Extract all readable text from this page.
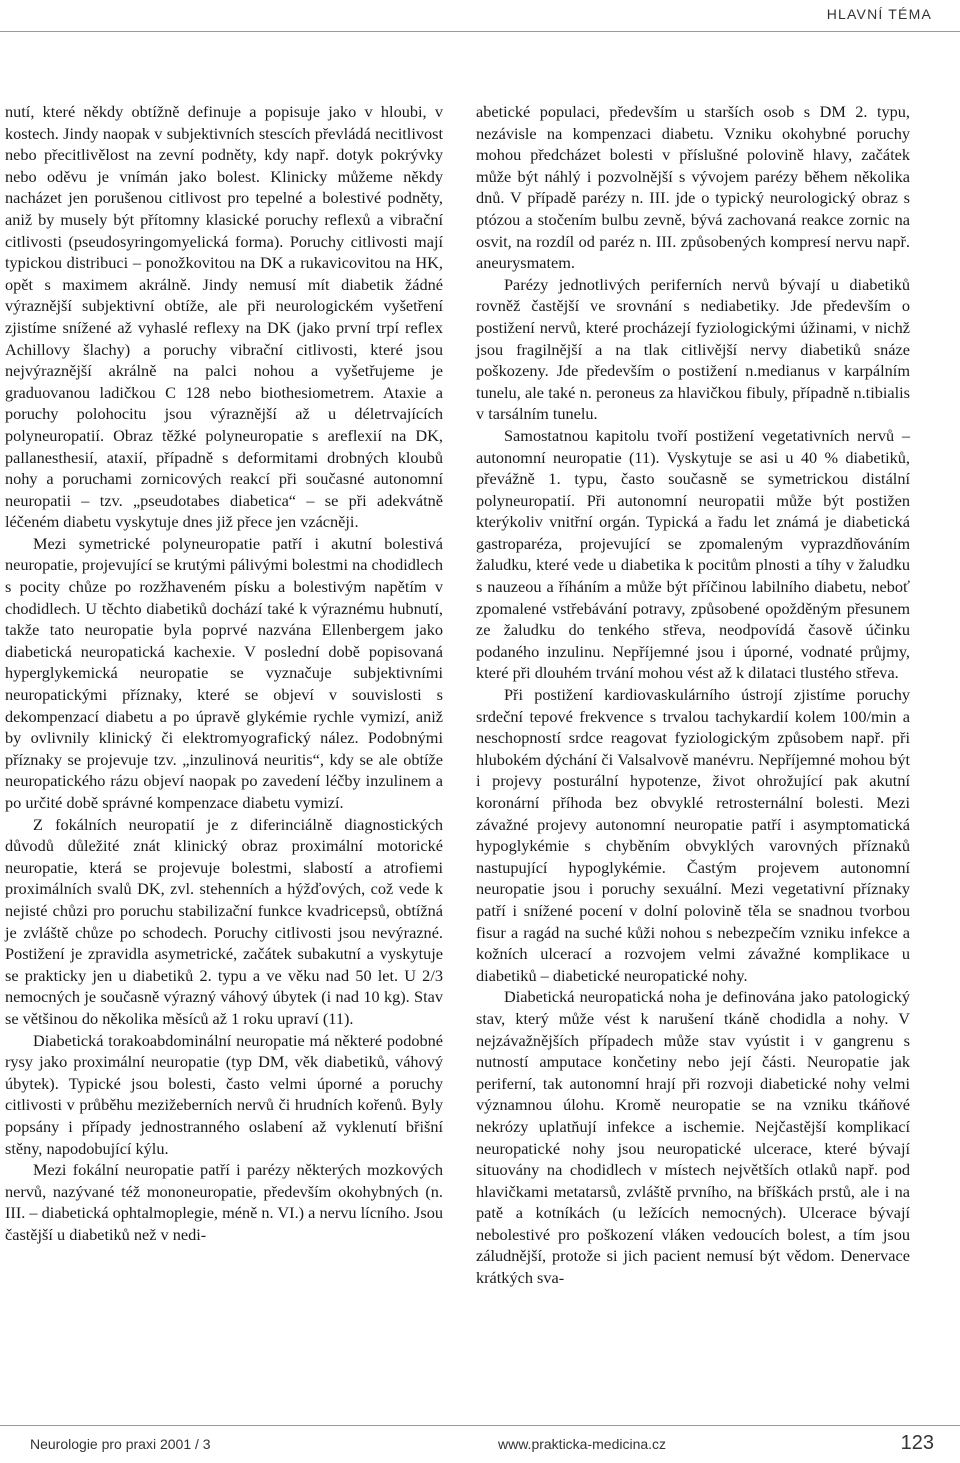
HLAVNÍ TÉMA

nutí, které někdy obtížně definuje a popisuje jako v hloubi, v kostech. Jindy naopak v subjektivních stescích převládá necitlivost nebo přecitlivělost na zevní podněty, kdy např. dotyk pokrývky nebo oděvu je vnímán jako bolest. Klinicky můžeme někdy nacházet jen porušenou citlivost pro tepelné a bolestivé podněty, aniž by musely být přítomny klasické poruchy reflexů a vibrační citlivosti (pseudosyringomyelická forma). Poruchy citlivosti mají typickou distribuci – ponožkovitou na DK a rukavicovitou na HK, opět s maximem akrálně. Jindy nemusí mít diabetik žádné výraznější subjektivní obtíže, ale při neurologickém vyšetření zjistíme snížené až vyhaslé reflexy na DK (jako první trpí reflex Achillovy šlachy) a poruchy vibrační citlivosti, které jsou nejvýraznější akrálně na palci nohou a vyšetřujeme je graduovanou ladičkou C 128 nebo biothesiometrem. Ataxie a poruchy polohocitu jsou výraznější až u déletrvajících polyneuropatií. Obraz těžké polyneuropatie s areflexií na DK, pallanesthesií, ataxií, případně s deformitami drobných kloubů nohy a poruchami zornicových reakcí při současné autonomní neuropatii – tzv. „pseudotabes diabetica“ – se při adekvátně léčeném diabetu vyskytuje dnes již přece jen vzácněji.

Mezi symetrické polyneuropatie patří i akutní bolestivá neuropatie, projevující se krutými pálivými bolestmi na chodidlech s pocity chůze po rozžhaveném písku a bolestivým napětím v chodidlech. U těchto diabetiků dochází také k výraznému hubnutí, takže tato neuropatie byla poprvé nazvána Ellenbergem jako diabetická neuropatická kachexie. V poslední době popisovaná hyperglykemická neuropatie se vyznačuje subjektivními neuropatickými příznaky, které se objeví v souvislosti s dekompenzací diabetu a po úpravě glykémie rychle vymizí, aniž by ovlivnily klinický či elektromyografický nález. Podobnými příznaky se projevuje tzv. „inzulinová neuritis“, kdy se ale obtíže neuropatického rázu objeví naopak po zavedení léčby inzulinem a po určité době správné kompenzace diabetu vymizí.

Z fokálních neuropatií je z diferinciálně diagnostických důvodů důležité znát klinický obraz proximální motorické neuropatie, která se projevuje bolestmi, slabostí a atrofiemi proximálních svalů DK, zvl. stehenních a hýžďových, což vede k nejisté chůzi pro poruchu stabilizační funkce kvadricepsů, obtížná je zvláště chůze po schodech. Poruchy citlivosti jsou nevýrazné. Postižení je zpravidla asymetrické, začátek subakutní a vyskytuje se prakticky jen u diabetiků 2. typu a ve věku nad 50 let. U 2/3 nemocných je současně výrazný váhový úbytek (i nad 10 kg). Stav se většinou do několika měsíců až 1 roku upraví (11).

Diabetická torakoabdominální neuropatie má některé podobné rysy jako proximální neuropatie (typ DM, věk diabetiků, váhový úbytek). Typické jsou bolesti, často velmi úporné a poruchy citlivosti v průběhu mezižeberních nervů či hrudních kořenů. Byly popsány i případy jednostranného oslabení až vyklenutí břišní stěny, napodobující kýlu.

Mezi fokální neuropatie patří i parézy některých mozkových nervů, nazývané též mononeuropatie, především okohybných (n. III. – diabetická ophtalmoplegie, méně n. VI.) a nervu lícního. Jsou častější u diabetiků než v nedi-

abetické populaci, především u starších osob s DM 2. typu, nezávisle na kompenzaci diabetu. Vzniku okohybné poruchy mohou předcházet bolesti v příslušné polovině hlavy, začátek může být náhlý i pozvolnější s vývojem parézy během několika dnů. V případě parézy n. III. jde o typický neurologický obraz s ptózou a stočením bulbu zevně, bývá zachovaná reakce zornic na osvit, na rozdíl od paréz n. III. způsobených kompresí nervu např. aneurysmatem.

Parézy jednotlivých periferních nervů bývají u diabetiků rovněž častější ve srovnání s nediabetiky. Jde především o postižení nervů, které procházejí fyziologickými úžinami, v nichž jsou fragilnější a na tlak citlivější nervy diabetiků snáze poškozeny. Jde především o postižení n.medianus v karpálním tunelu, ale také n. peroneus za hlavičkou fibuly, případně n.tibialis v tarsálním tunelu.

Samostatnou kapitolu tvoří postižení vegetativních nervů – autonomní neuropatie (11). Vyskytuje se asi u 40 % diabetiků, převážně 1. typu, často současně se symetrickou distální polyneuropatií. Při autonomní neuropatii může být postižen kterýkoliv vnitřní orgán. Typická a řadu let známá je diabetická gastroparéza, projevující se zpomaleným vyprazdňováním žaludku, které vede u diabetika k pocitům plnosti a tíhy v žaludku s nauzeou a říháním a může být příčinou labilního diabetu, neboť zpomalené vstřebávání potravy, způsobené opožděným přesunem ze žaludku do tenkého střeva, neodpovídá časově účinku podaného inzulinu. Nepříjemné jsou i úporné, vodnaté průjmy, které při dlouhém trvání mohou vést až k dilataci tlustého střeva.

Při postižení kardiovaskulárního ústrojí zjistíme poruchy srdeční tepové frekvence s trvalou tachykardií kolem 100/min a neschopností srdce reagovat fyziologickým způsobem např. při hlubokém dýchání či Valsalvově manévru. Nepříjemné mohou být i projevy posturální hypotenze, život ohrožující pak akutní koronární příhoda bez obvyklé retrosternální bolesti. Mezi závažné projevy autonomní neuropatie patří i asymptomatická hypoglykémie s chyběním obvyklých varovných příznaků nastupující hypoglykémie. Častým projevem autonomní neuropatie jsou i poruchy sexuální. Mezi vegetativní příznaky patří i snížené pocení v dolní polovině těla se snadnou tvorbou fisur a ragád na suché kůži nohou s nebezpečím vzniku infekce a kožních ulcerací a rozvojem velmi závažné komplikace u diabetiků – diabetické neuropatické nohy.

Diabetická neuropatická noha je definována jako patologický stav, který může vést k narušení tkáně chodidla a nohy. V nejzávažnějších případech může stav vyústit i v gangrenu s nutností amputace končetiny nebo její části. Neuropatie jak periferní, tak autonomní hrají při rozvoji diabetické nohy velmi významnou úlohu. Kromě neuropatie se na vzniku tkáňové nekrózy uplatňují infekce a ischemie. Nejčastější komplikací neuropatické nohy jsou neuropatické ulcerace, které bývají situovány na chodidlech v místech největších otlaků např. pod hlavičkami metatarsů, zvláště prvního, na bříškách prstů, ale i na patě a kotníkách (u ležících nemocných). Ulcerace bývají nebolestivé pro poškození vláken vedoucích bolest, a tím jsou záludnější, protože si jich pacient nemusí být vědom. Denervace krátkých sva-

Neurologie pro praxi 2001 / 3	www.prakticka-medicina.cz	123
